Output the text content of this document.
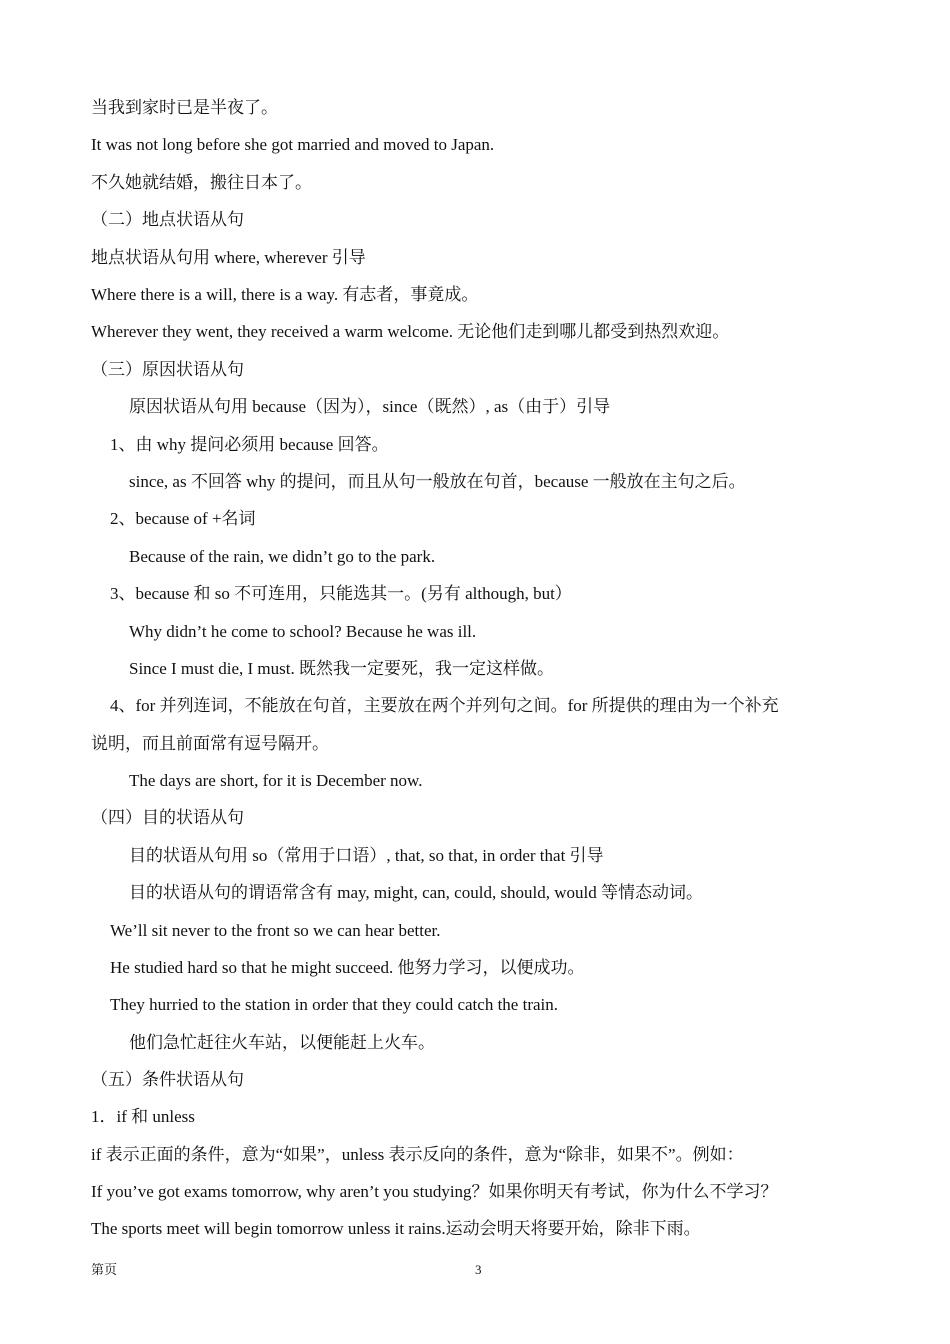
当我到家时已是半夜了。
It was not long before she got married and moved to Japan.
不久她就结婚，搬往日本了。
（二）地点状语从句
地点状语从句用 where, wherever 引导
Where there is a will, there is a way. 有志者，事竟成。
Wherever they went, they received a warm welcome. 无论他们走到哪儿都受到热烈欢迎。
（三）原因状语从句
原因状语从句用 because（因为），since（既然）, as（由于）引导
1、由 why 提问必须用 because 回答。
since, as 不回答 why 的提问，而且从句一般放在句首，because 一般放在主句之后。
2、because of +名词
Because of the rain, we didn’t go to the park.
3、because 和 so 不可连用，只能选其一。(另有 although, but）
Why didn’t he come to school? Because he was ill.
Since I must die, I must. 既然我一定要死，我一定这样做。
4、for 并列连词，不能放在句首，主要放在两个并列句之间。for 所提供的理由为一个补充
说明，而且前面常有逗号隔开。
The days are short, for it is December now.
（四）目的状语从句
目的状语从句用 so（常用于口语）, that, so that, in order that 引导
目的状语从句的谓语常含有 may, might, can, could, should, would 等情态动词。
We’ll sit never to the front so we can hear better.
He studied hard so that he might succeed. 他努力学习，以便成功。
They hurried to the station in order that they could catch the train.
他们急忙赶往火车站，以便能赶上火车。
（五）条件状语从句
1．if 和 unless
if 表示正面的条件，意为“如果”，unless 表示反向的条件，意为“除非，如果不”。例如：
If you’ve got exams tomorrow, why aren’t you studying？如果你明天有考试，你为什么不学习？
The sports meet will begin tomorrow unless it rains.运动会明天将要开始，除非下雨。
第页	3
